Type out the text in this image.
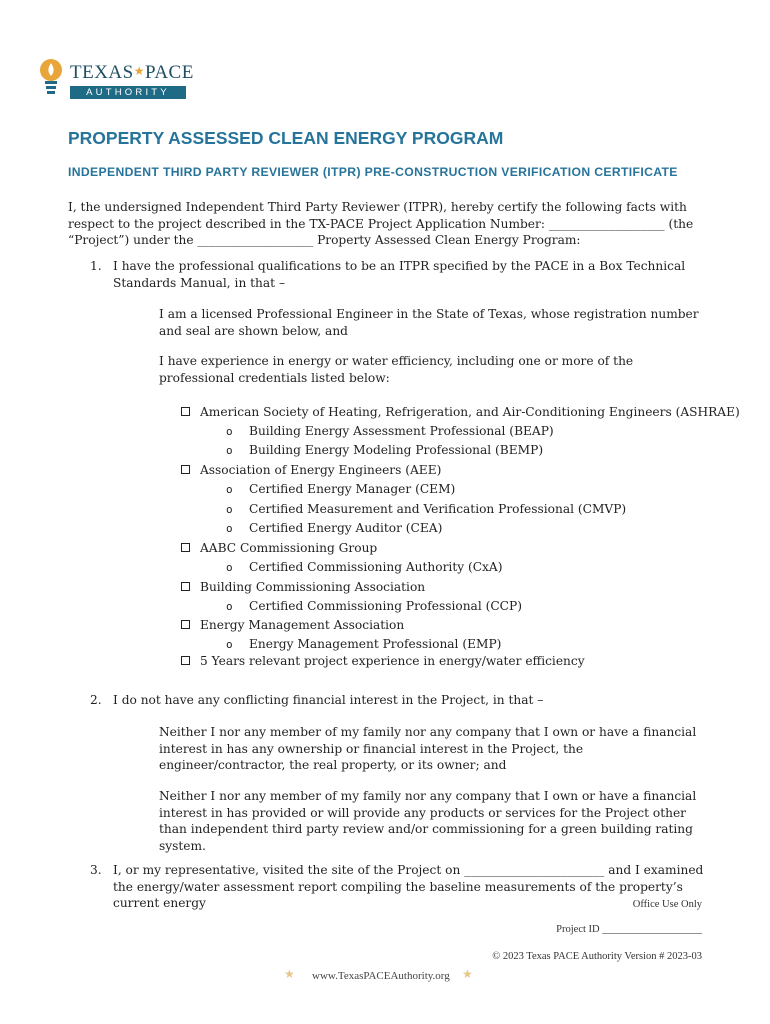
TEXAS★PACE
AUTHORITY
PROPERTY ASSESSED CLEAN ENERGY PROGRAM
INDEPENDENT THIRD PARTY REVIEWER (ITPR) PRE-CONSTRUCTION VERIFICATION CERTIFICATE
I, the undersigned Independent Third Party Reviewer (ITPR), hereby certify the following facts with respect to the project described in the TX-PACE Project Application Number: ___________________ (the “Project”) under the ___________________ Property Assessed Clean Energy Program:
1. I have the professional qualifications to be an ITPR specified by the PACE in a Box Technical Standards Manual, in that –
I am a licensed Professional Engineer in the State of Texas, whose registration number and seal are shown below, and
I have experience in energy or water efficiency, including one or more of the professional credentials listed below:
American Society of Heating, Refrigeration, and Air-Conditioning Engineers (ASHRAE)
o Building Energy Assessment Professional (BEAP)
o Building Energy Modeling Professional (BEMP)
Association of Energy Engineers (AEE)
o Certified Energy Manager (CEM)
o Certified Measurement and Verification Professional (CMVP)
o Certified Energy Auditor (CEA)
AABC Commissioning Group
o Certified Commissioning Authority (CxA)
Building Commissioning Association
o Certified Commissioning Professional (CCP)
Energy Management Association
o Energy Management Professional (EMP)
5 Years relevant project experience in energy/water efficiency
2. I do not have any conflicting financial interest in the Project, in that –
Neither I nor any member of my family nor any company that I own or have a financial interest in has any ownership or financial interest in the Project, the engineer/contractor, the real property, or its owner; and
Neither I nor any member of my family nor any company that I own or have a financial interest in has provided or will provide any products or services for the Project other than independent third party review and/or commissioning for a green building rating system.
3. I, or my representative, visited the site of the Project on _______________________ and I examined the energy/water assessment report compiling the baseline measurements of the property’s current energy	Office Use Only
Project ID ___________________
© 2023 Texas PACE Authority Version # 2023-03
★ www.TexasPACEAuthority.org ★
